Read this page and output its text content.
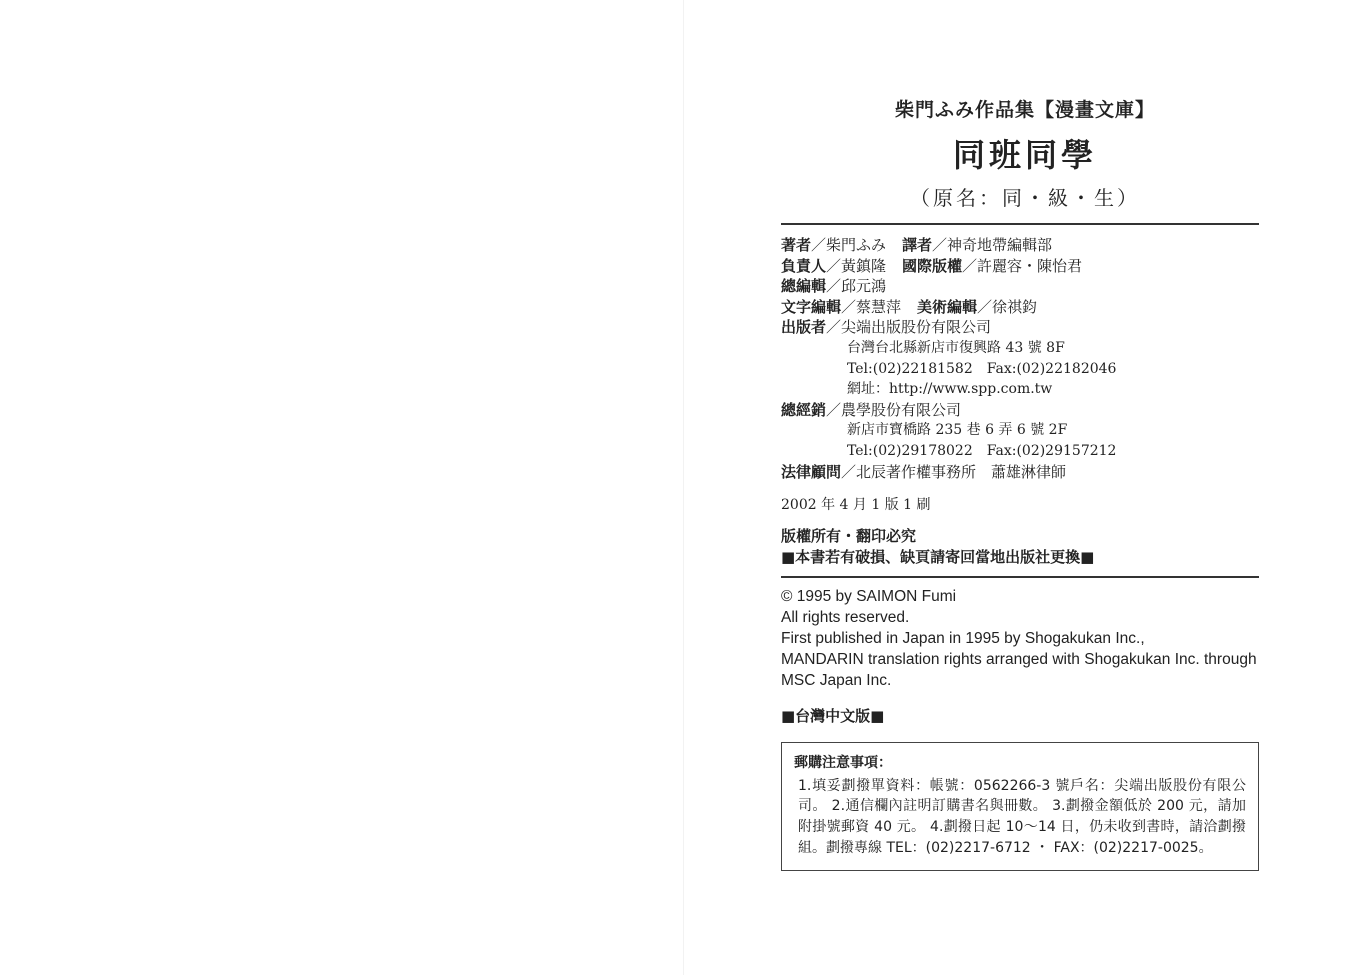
柴門ふみ作品集【漫畫文庫】
同班同學
（原名：同・級・生）
著者／柴門ふみ 譯者／神奇地帶編輯部
負責人／黃鎮隆 國際版權／許麗容・陳怡君
總編輯／邱元鴻
文字編輯／蔡慧萍 美術編輯／徐祺鈞
出版者／尖端出版股份有限公司
台灣台北縣新店市復興路 43 號 8F
Tel:(02)22181582　Fax:(02)22182046
網址：http://www.spp.com.tw
總經銷／農學股份有限公司
新店市寶橋路 235 巷 6 弄 6 號 2F
Tel:(02)29178022　Fax:(02)29157212
法律顧問／北辰著作權事務所　蕭雄淋律師
2002 年 4 月 1 版 1 刷
版權所有・翻印必究
■本書若有破損、缺頁請寄回當地出版社更換■
© 1995 by SAIMON Fumi
All rights reserved.
First published in Japan in 1995 by Shogakukan Inc.,
MANDARIN translation rights arranged with Shogakukan Inc. through
MSC Japan Inc.
■台灣中文版■
郵購注意事項：
1.填妥劃撥單資料：帳號：0562266-3 號戶名：尖端出版股份有限公司。 2.通信欄內註明訂購書名與冊數。 3.劃撥金額低於 200 元，請加附掛號郵資 40 元。 4.劃撥日起 10～14 日，仍未收到書時，請洽劃撥組。劃撥專線 TEL：(02)2217-6712 ・ FAX：(02)2217-0025。
